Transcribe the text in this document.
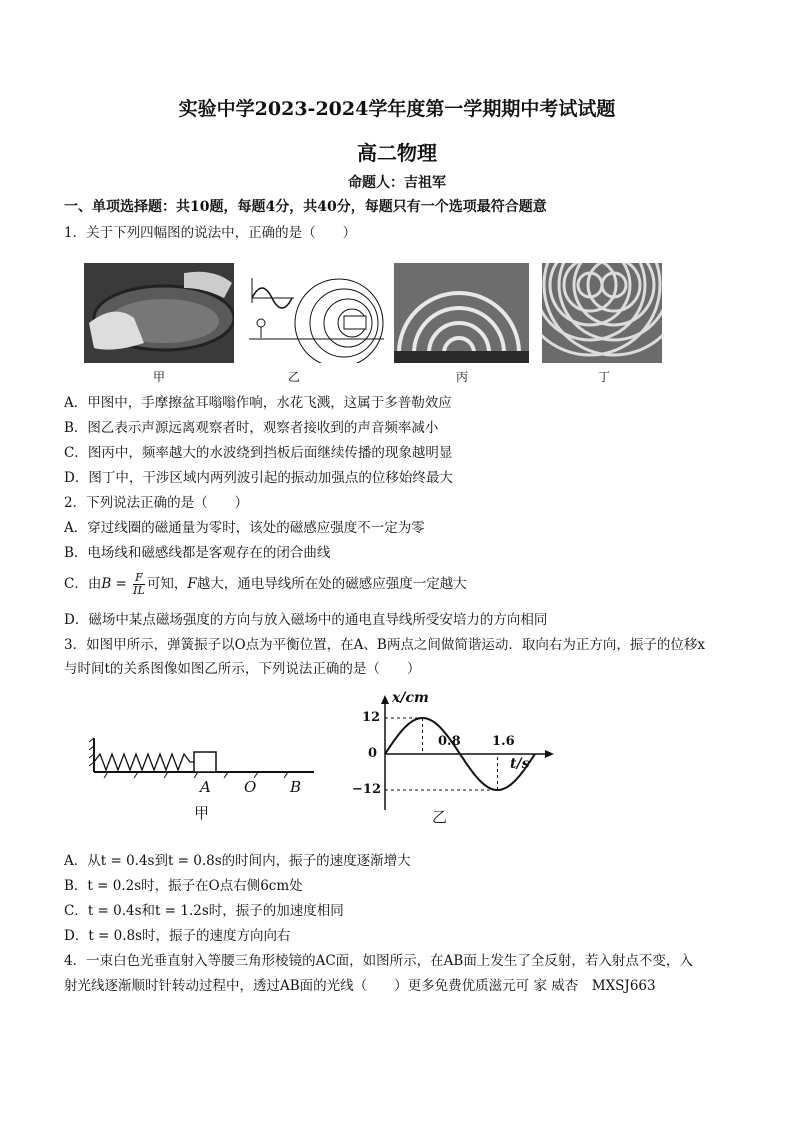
实验中学2023-2024学年度第一学期期中考试试题
高二物理
命题人：吉祖军
一、单项选择题：共10题，每题4分，共40分，每题只有一个选项最符合题意
1．关于下列四幅图的说法中，正确的是（　　）
甲	乙	丙	丁
A．甲图中，手摩擦盆耳嗡嗡作响，水花飞溅，这属于多普勒效应
B．图乙表示声源远离观察者时，观察者接收到的声音频率减小
C．图丙中，频率越大的水波绕到挡板后面继续传播的现象越明显
D．图丁中，干涉区域内两列波引起的振动加强点的位移始终最大
2．下列说法正确的是（　　）
A．穿过线圈的磁通量为零时，该处的磁感应强度不一定为零
B．电场线和磁感线都是客观存在的闭合曲线
C．由$B = \frac{F}{IL}$ 可知，F越大，通电导线所在处的磁感应强度一定越大
D．磁场中某点磁场强度的方向与放入磁场中的通电直导线所受安培力的方向相同
3．如图甲所示，弹簧振子以O点为平衡位置，在A、B两点之间做简谐运动．取向右为正方向，振子的位移x
与时间t的关系图像如图乙所示，下列说法正确的是（　　）
A O B
甲
x/cm
t/s
12
0
−12
0.8 1.6
乙
A．从t = 0.4s到t = 0.8s的时间内，振子的速度逐渐增大
B．t = 0.2s时，振子在O点右侧6cm处
C．t = 0.4s和t = 1.2s时，振子的加速度相同
D．t = 0.8s时，振子的速度方向向右
4．一束白色光垂直射入等腰三角形棱镜的AC面，如图所示，在AB面上发生了全反射，若入射点不变，入
射光线逐渐顺时针转动过程中，透过AB面的光线（　　）更多免费优质滋元可 家 威杏　MXSJ663
